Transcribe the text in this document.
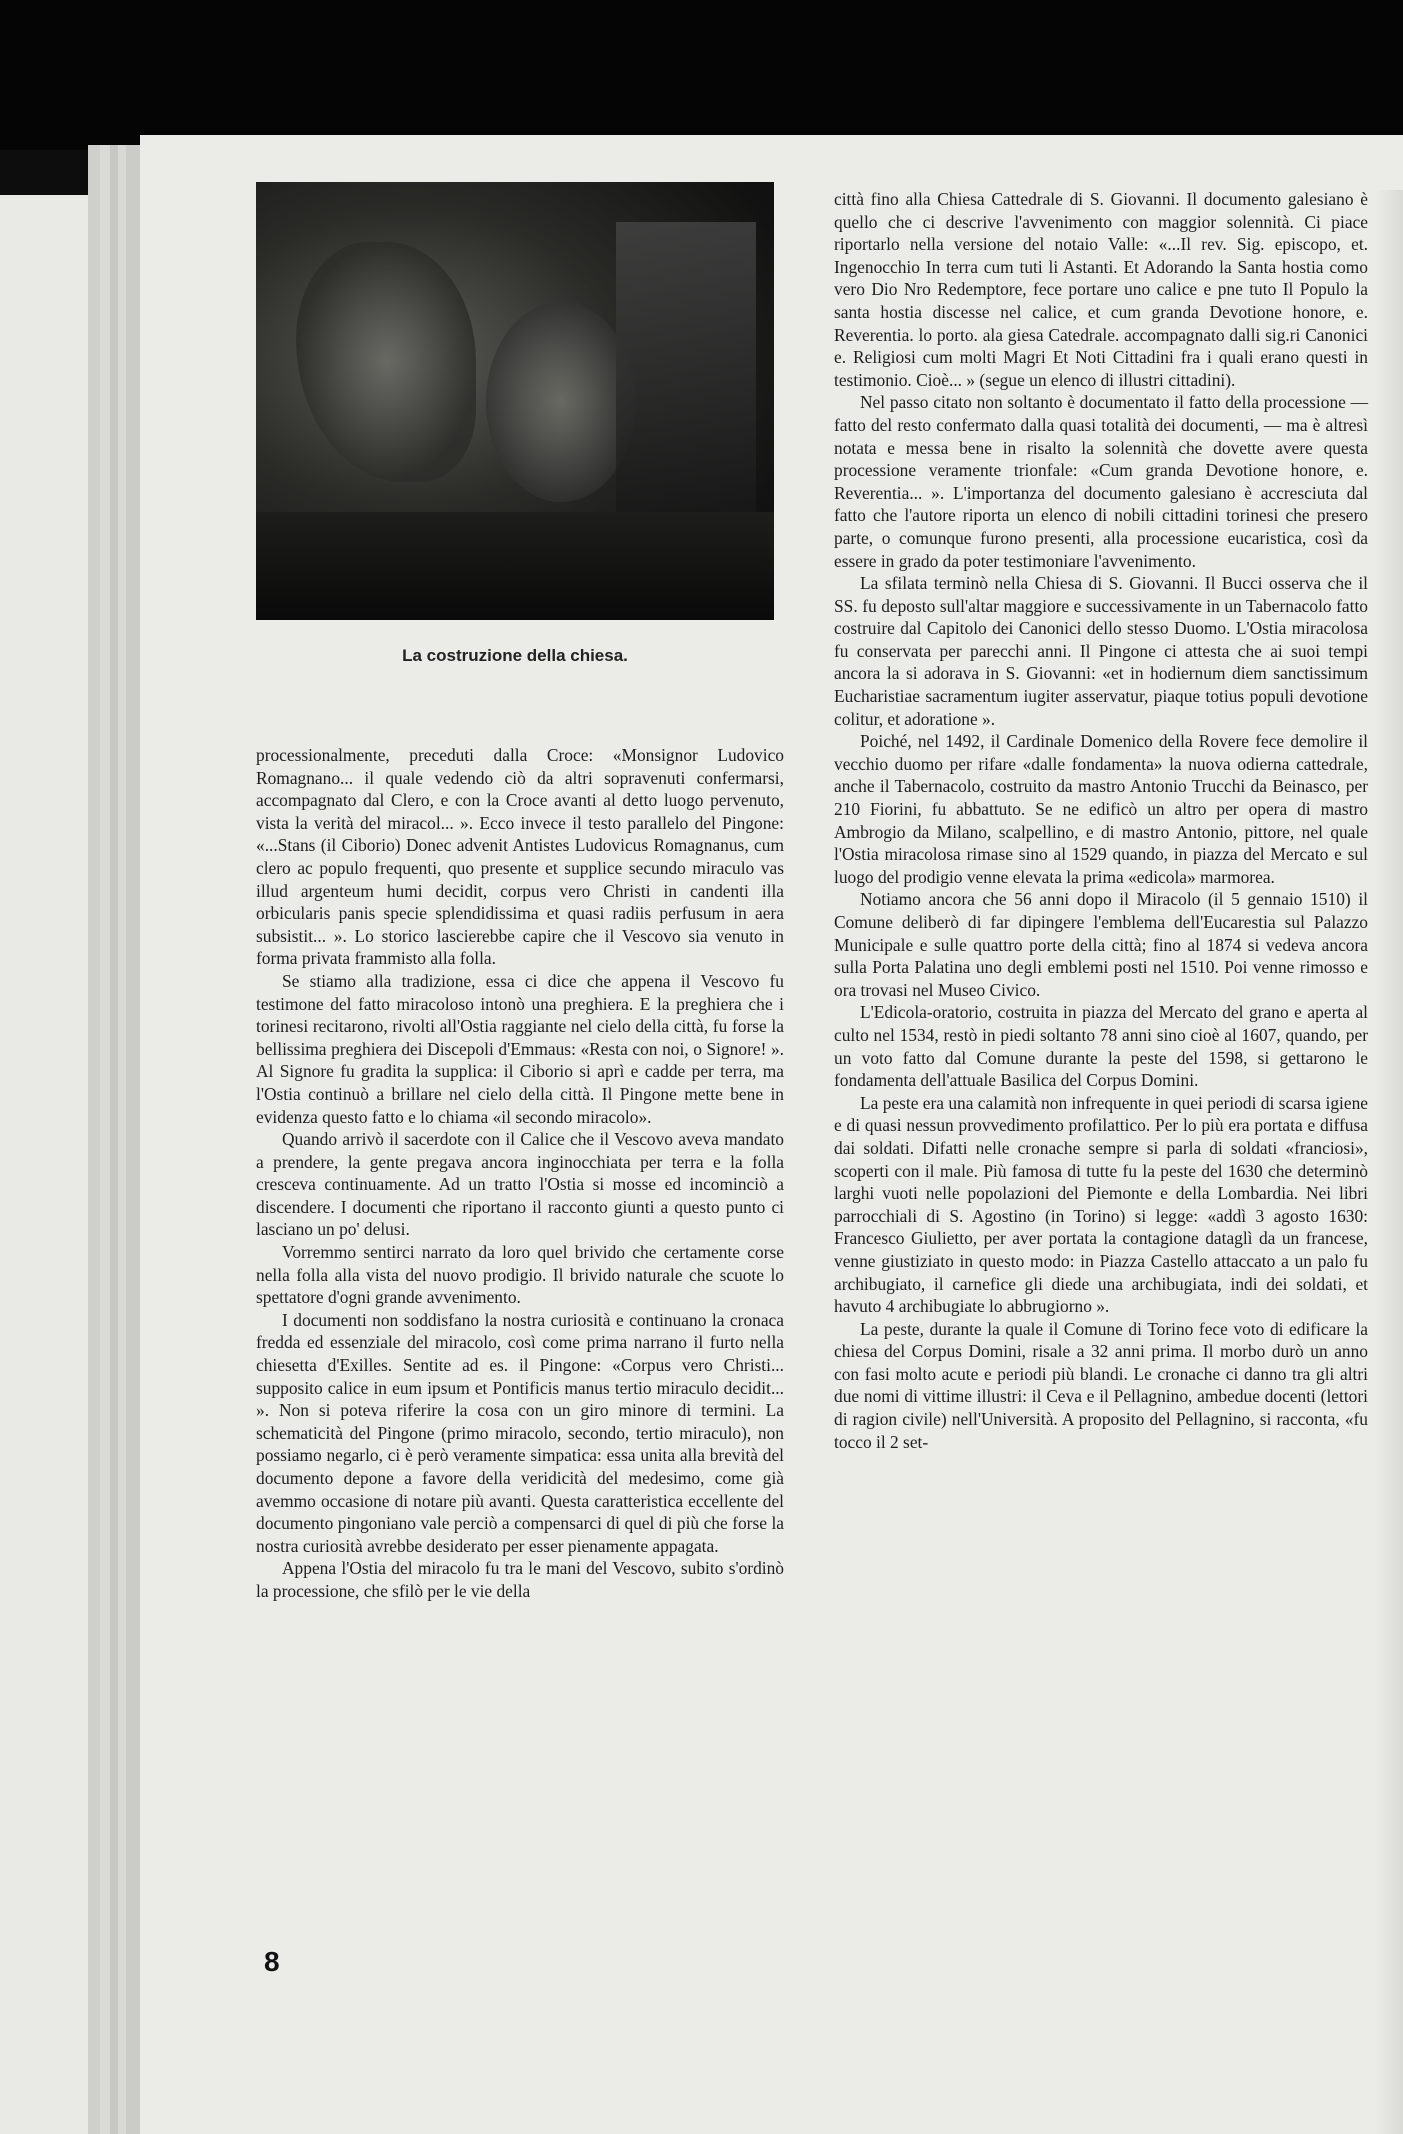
La costruzione della chiesa.

processionalmente, preceduti dalla Croce: «Monsignor Ludovico Romagnano... il quale vedendo ciò da altri sopravenuti confermarsi, accompagnato dal Clero, e con la Croce avanti al detto luogo pervenuto, vista la verità del miracol... ». Ecco invece il testo parallelo del Pingone: «...Stans (il Ciborio) Donec advenit Antistes Ludovicus Romagnanus, cum clero ac populo frequenti, quo presente et supplice secundo miraculo vas illud argenteum humi decidit, corpus vero Christi in candenti illa orbicularis panis specie splendidissima et quasi radiis perfusum in aera subsistit... ». Lo storico lascierebbe capire che il Vescovo sia venuto in forma privata frammisto alla folla.

Se stiamo alla tradizione, essa ci dice che appena il Vescovo fu testimone del fatto miracoloso intonò una preghiera. E la preghiera che i torinesi recitarono, rivolti all'Ostia raggiante nel cielo della città, fu forse la bellissima preghiera dei Discepoli d'Emmaus: «Resta con noi, o Signore! ». Al Signore fu gradita la supplica: il Ciborio si aprì e cadde per terra, ma l'Ostia continuò a brillare nel cielo della città. Il Pingone mette bene in evidenza questo fatto e lo chiama «il secondo miracolo».

Quando arrivò il sacerdote con il Calice che il Vescovo aveva mandato a prendere, la gente pregava ancora inginocchiata per terra e la folla cresceva continuamente. Ad un tratto l'Ostia si mosse ed incominciò a discendere. I documenti che riportano il racconto giunti a questo punto ci lasciano un po' delusi.

Vorremmo sentirci narrato da loro quel brivido che certamente corse nella folla alla vista del nuovo prodigio. Il brivido naturale che scuote lo spettatore d'ogni grande avvenimento.

I documenti non soddisfano la nostra curiosità e continuano la cronaca fredda ed essenziale del miracolo, così come prima narrano il furto nella chiesetta d'Exilles. Sentite ad es. il Pingone: «Corpus vero Christi... supposito calice in eum ipsum et Pontificis manus tertio miraculo decidit... ». Non si poteva riferire la cosa con un giro minore di termini. La schematicità del Pingone (primo miracolo, secondo, tertio miraculo), non possiamo negarlo, ci è però veramente simpatica: essa unita alla brevità del documento depone a favore della veridicità del medesimo, come già avemmo occasione di notare più avanti. Questa caratteristica eccellente del documento pingoniano vale perciò a compensarci di quel di più che forse la nostra curiosità avrebbe desiderato per esser pienamente appagata.

Appena l'Ostia del miracolo fu tra le mani del Vescovo, subito s'ordinò la processione, che sfilò per le vie della

città fino alla Chiesa Cattedrale di S. Giovanni. Il documento galesiano è quello che ci descrive l'avvenimento con maggior solennità. Ci piace riportarlo nella versione del notaio Valle: «...Il rev. Sig. episcopo, et. Ingenocchio In terra cum tuti li Astanti. Et Adorando la Santa hostia como vero Dio Nro Redemptore, fece portare uno calice e pne tuto Il Populo la santa hostia discesse nel calice, et cum granda Devotione honore, e. Reverentia. lo porto. ala giesa Catedrale. accompagnato dalli sig.ri Canonici e. Religiosi cum molti Magri Et Noti Cittadini fra i quali erano questi in testimonio. Cioè... » (segue un elenco di illustri cittadini).

Nel passo citato non soltanto è documentato il fatto della processione — fatto del resto confermato dalla quasi totalità dei documenti, — ma è altresì notata e messa bene in risalto la solennità che dovette avere questa processione veramente trionfale: «Cum granda Devotione honore, e. Reverentia... ». L'importanza del documento galesiano è accresciuta dal fatto che l'autore riporta un elenco di nobili cittadini torinesi che presero parte, o comunque furono presenti, alla processione eucaristica, così da essere in grado da poter testimoniare l'avvenimento.

La sfilata terminò nella Chiesa di S. Giovanni. Il Bucci osserva che il SS. fu deposto sull'altar maggiore e successivamente in un Tabernacolo fatto costruire dal Capitolo dei Canonici dello stesso Duomo. L'Ostia miracolosa fu conservata per parecchi anni. Il Pingone ci attesta che ai suoi tempi ancora la si adorava in S. Giovanni: «et in hodiernum diem sanctissimum Eucharistiae sacramentum iugiter asservatur, piaque totius populi devotione colitur, et adoratione ».

Poiché, nel 1492, il Cardinale Domenico della Rovere fece demolire il vecchio duomo per rifare «dalle fondamenta» la nuova odierna cattedrale, anche il Tabernacolo, costruito da mastro Antonio Trucchi da Beinasco, per 210 Fiorini, fu abbattuto. Se ne edificò un altro per opera di mastro Ambrogio da Milano, scalpellino, e di mastro Antonio, pittore, nel quale l'Ostia miracolosa rimase sino al 1529 quando, in piazza del Mercato e sul luogo del prodigio venne elevata la prima «edicola» marmorea.

Notiamo ancora che 56 anni dopo il Miracolo (il 5 gennaio 1510) il Comune deliberò di far dipingere l'emblema dell'Eucarestia sul Palazzo Municipale e sulle quattro porte della città; fino al 1874 si vedeva ancora sulla Porta Palatina uno degli emblemi posti nel 1510. Poi venne rimosso e ora trovasi nel Museo Civico.

L'Edicola-oratorio, costruita in piazza del Mercato del grano e aperta al culto nel 1534, restò in piedi soltanto 78 anni sino cioè al 1607, quando, per un voto fatto dal Comune durante la peste del 1598, si gettarono le fondamenta dell'attuale Basilica del Corpus Domini.

La peste era una calamità non infrequente in quei periodi di scarsa igiene e di quasi nessun provvedimento profilattico. Per lo più era portata e diffusa dai soldati. Difatti nelle cronache sempre si parla di soldati «franciosi», scoperti con il male. Più famosa di tutte fu la peste del 1630 che determinò larghi vuoti nelle popolazioni del Piemonte e della Lombardia. Nei libri parrocchiali di S. Agostino (in Torino) si legge: «addì 3 agosto 1630: Francesco Giulietto, per aver portata la contagione dataglì da un francese, venne giustiziato in questo modo: in Piazza Castello attaccato a un palo fu archibugiato, il carnefice gli diede una archibugiata, indi dei soldati, et havuto 4 archibugiate lo abbrugiorno ».

La peste, durante la quale il Comune di Torino fece voto di edificare la chiesa del Corpus Domini, risale a 32 anni prima. Il morbo durò un anno con fasi molto acute e periodi più blandi. Le cronache ci danno tra gli altri due nomi di vittime illustri: il Ceva e il Pellagnino, ambedue docenti (lettori di ragion civile) nell'Università. A proposito del Pellagnino, si racconta, «fu tocco il 2 set-

8
